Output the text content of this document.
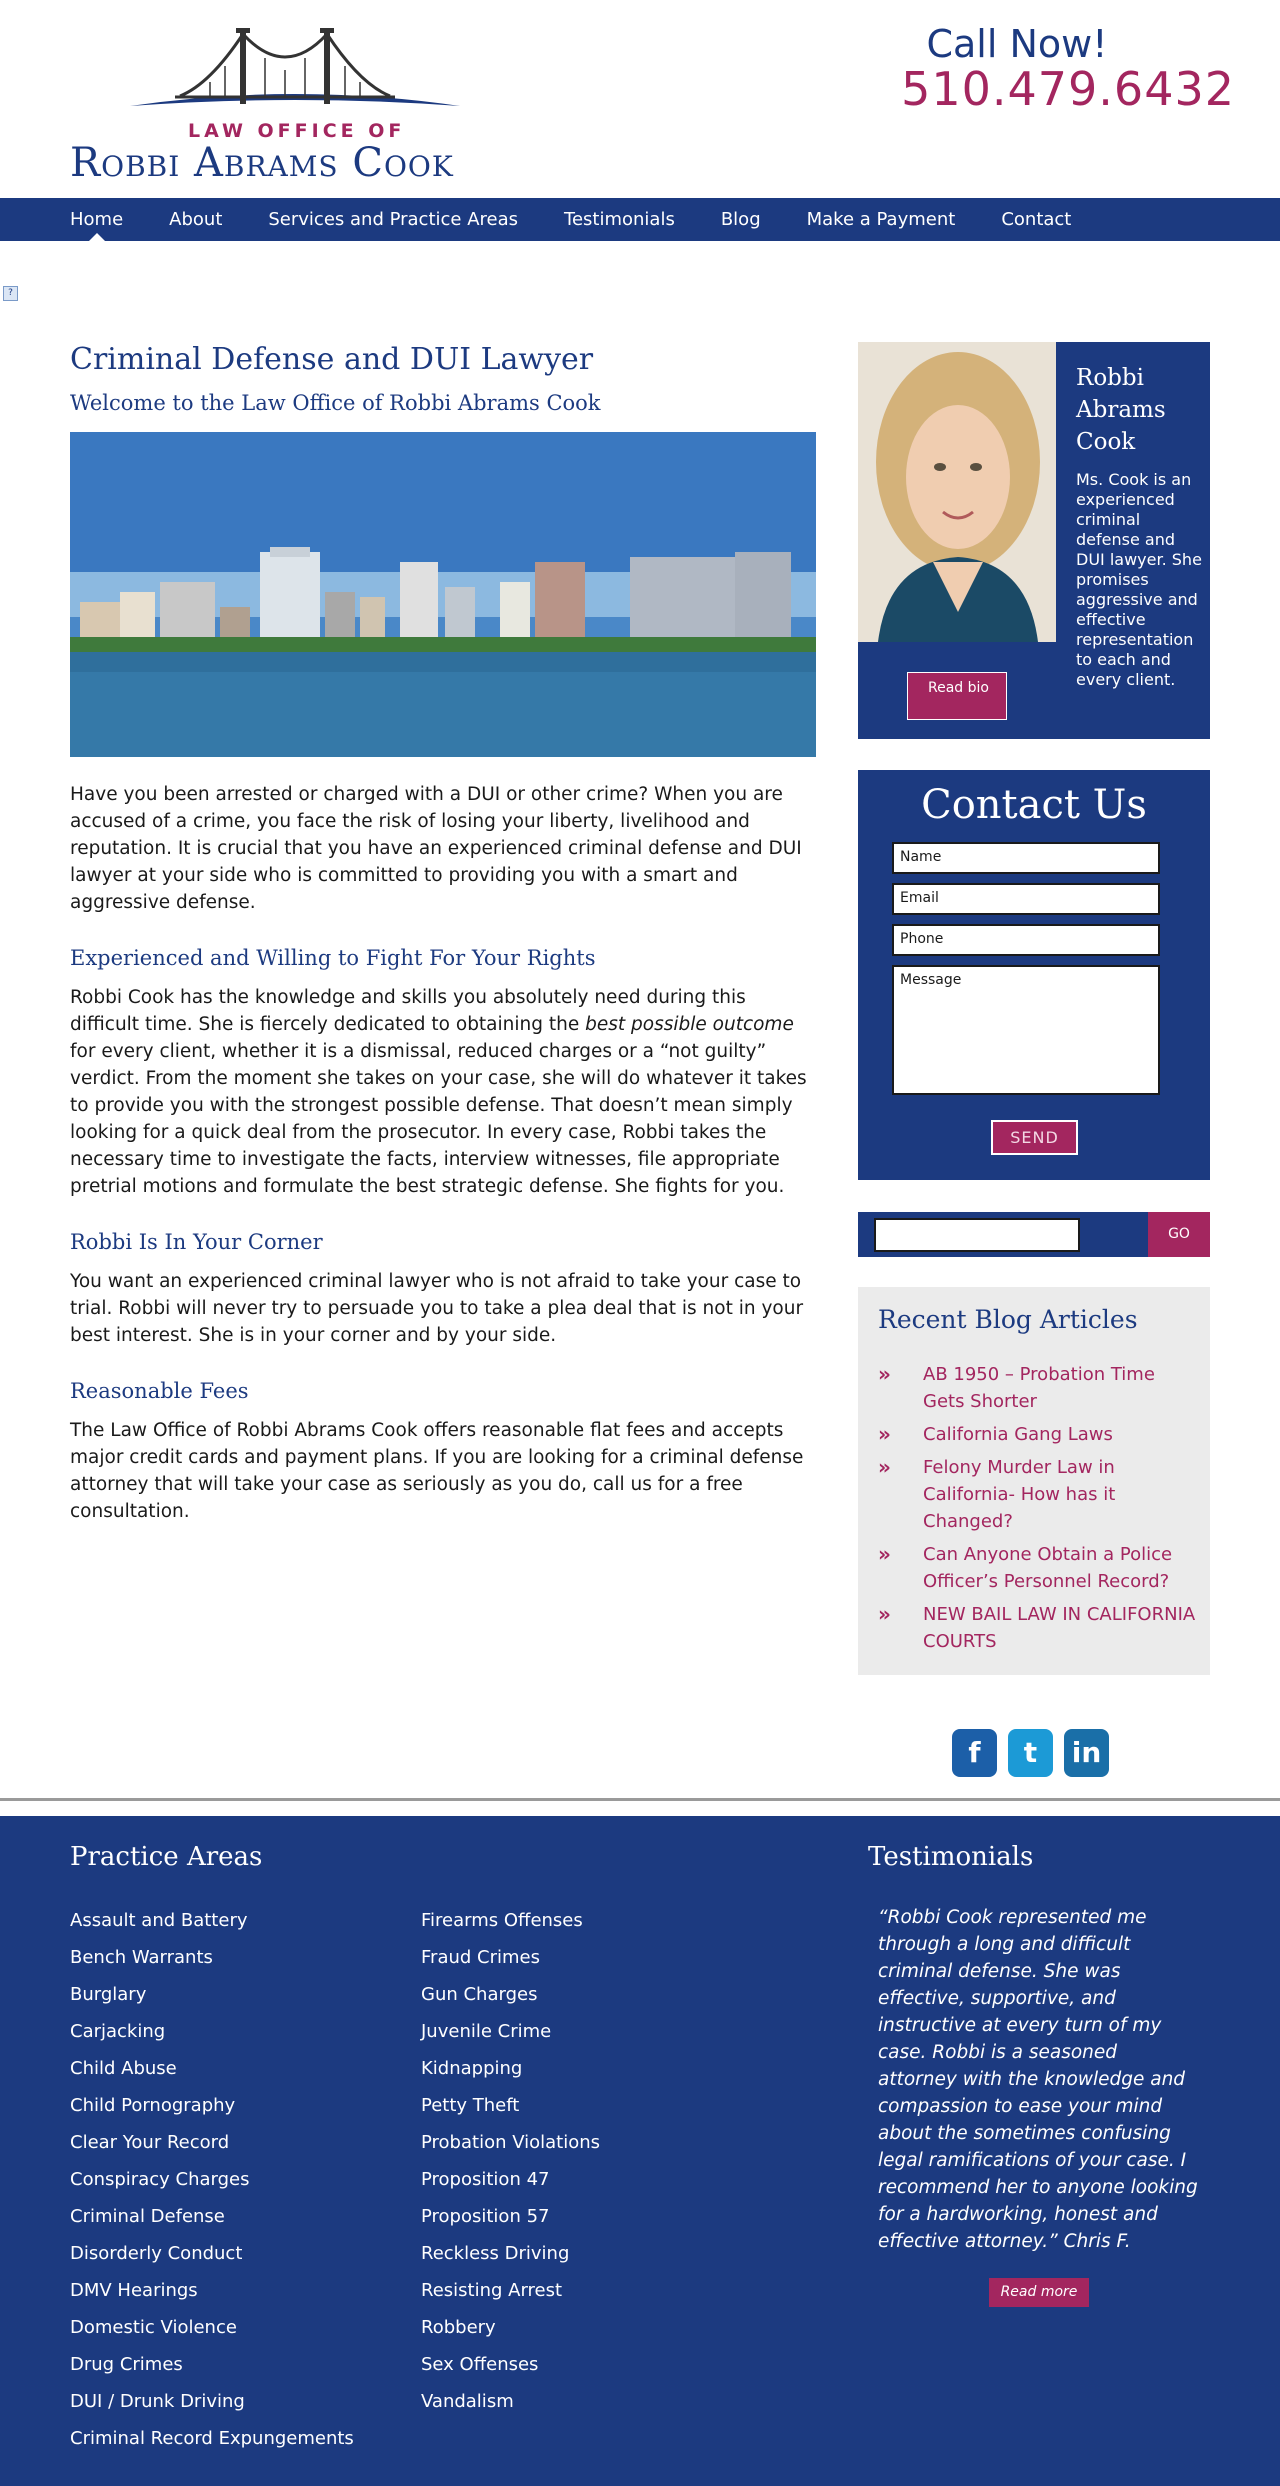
LAW OFFICE OF
Robbi Abrams Cook
Call Now!
510.479.6432
Home	About	Services and Practice Areas	Testimonials	Blog	Make a Payment	Contact
?
Criminal Defense and DUI Lawyer
Welcome to the Law Office of Robbi Abrams Cook

Have you been arrested or charged with a DUI or other crime? When you are accused of a crime, you face the risk of losing your liberty, livelihood and reputation. It is crucial that you have an experienced criminal defense and DUI lawyer at your side who is committed to providing you with a smart and aggressive defense.

Experienced and Willing to Fight For Your Rights

Robbi Cook has the knowledge and skills you absolutely need during this difficult time. She is fiercely dedicated to obtaining the best possible outcome for every client, whether it is a dismissal, reduced charges or a “not guilty” verdict. From the moment she takes on your case, she will do whatever it takes to provide you with the strongest possible defense. That doesn’t mean simply looking for a quick deal from the prosecutor. In every case, Robbi takes the necessary time to investigate the facts, interview witnesses, file appropriate pretrial motions and formulate the best strategic defense. She fights for you.

Robbi Is In Your Corner

You want an experienced criminal lawyer who is not afraid to take your case to trial. Robbi will never try to persuade you to take a plea deal that is not in your best interest. She is in your corner and by your side.

Reasonable Fees

The Law Office of Robbi Abrams Cook offers reasonable flat fees and accepts major credit cards and payment plans. If you are looking for a criminal defense attorney that will take your case as seriously as you do, call us for a free consultation.

Robbi Abrams Cook
Ms. Cook is an experienced criminal defense and DUI lawyer. She promises aggressive and effective representation to each and every client.
Read bio
Contact Us
Name
Email
Phone
Message
SEND
GO
Recent Blog Articles
» AB 1950 – Probation Time Gets Shorter
» California Gang Laws
» Felony Murder Law in California- How has it Changed?
» Can Anyone Obtain a Police Officer’s Personnel Record?
» NEW BAIL LAW IN CALIFORNIA COURTS
f	t	in
Practice Areas
Assault and Battery
Bench Warrants
Burglary
Carjacking
Child Abuse
Child Pornography
Clear Your Record
Conspiracy Charges
Criminal Defense
Disorderly Conduct
DMV Hearings
Domestic Violence
Drug Crimes
DUI / Drunk Driving
Criminal Record Expungements
Firearms Offenses
Fraud Crimes
Gun Charges
Juvenile Crime
Kidnapping
Petty Theft
Probation Violations
Proposition 47
Proposition 57
Reckless Driving
Resisting Arrest
Robbery
Sex Offenses
Vandalism
Testimonials
“Robbi Cook represented me through a long and difficult criminal defense. She was effective, supportive, and instructive at every turn of my case. Robbi is a seasoned attorney with the knowledge and compassion to ease your mind about the sometimes confusing legal ramifications of your case. I recommend her to anyone looking for a hardworking, honest and effective attorney.” Chris F.
Read more
